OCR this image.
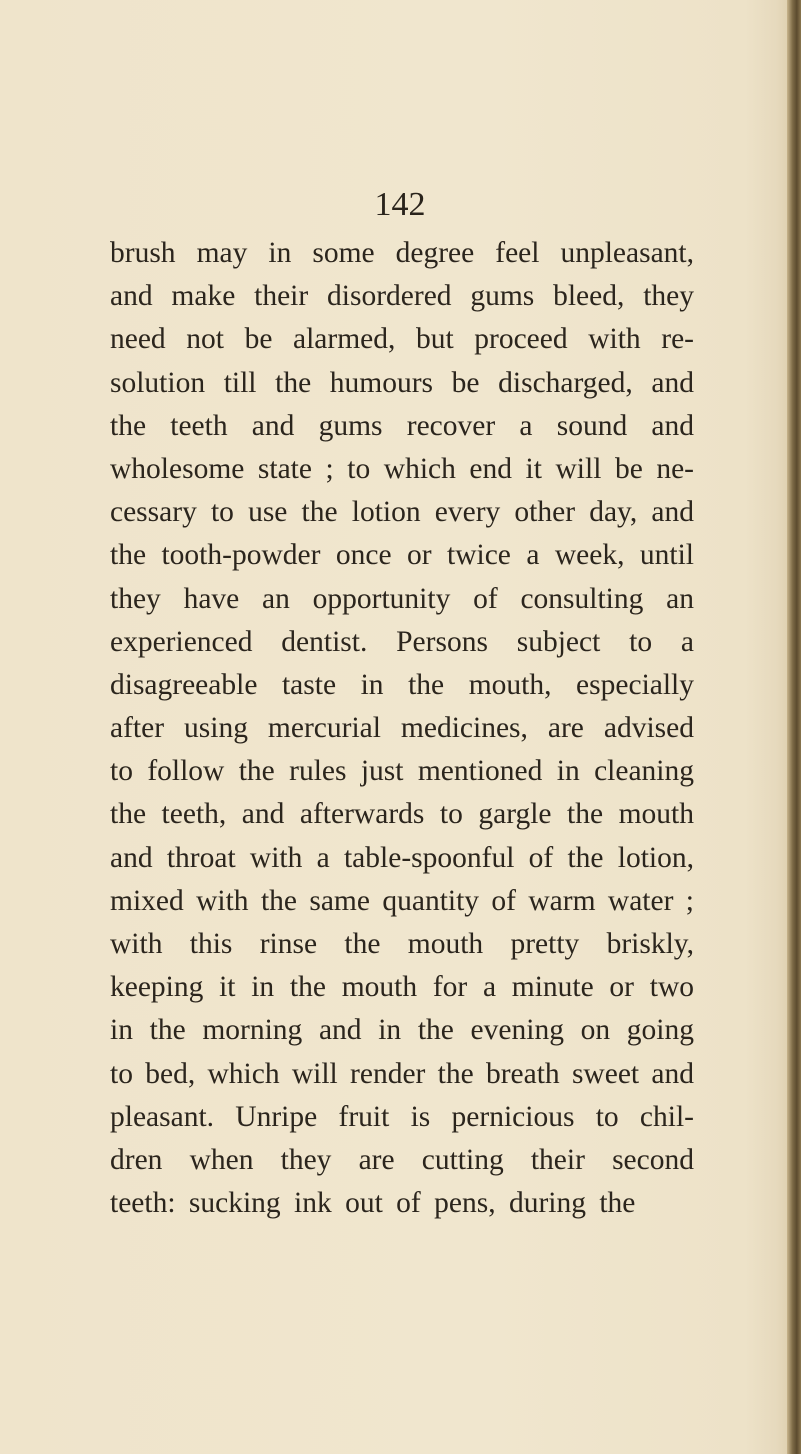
142
brush may in some degree feel unpleasant,
and make their disordered gums bleed, they
need not be alarmed, but proceed with re-
solution till the humours be discharged, and
the teeth and gums recover a sound and
wholesome state ; to which end it will be ne-
cessary to use the lotion every other day, and
the tooth-powder once or twice a week, until
they have an opportunity of consulting an
experienced dentist. Persons subject to a
disagreeable taste in the mouth, especially
after using mercurial medicines, are advised
to follow the rules just mentioned in cleaning
the teeth, and afterwards to gargle the mouth
and throat with a table-spoonful of the lotion,
mixed with the same quantity of warm water ;
with this rinse the mouth pretty briskly,
keeping it in the mouth for a minute or two
in the morning and in the evening on going
to bed, which will render the breath sweet and
pleasant. Unripe fruit is pernicious to chil-
dren when they are cutting their second
teeth: sucking ink out of pens, during the
